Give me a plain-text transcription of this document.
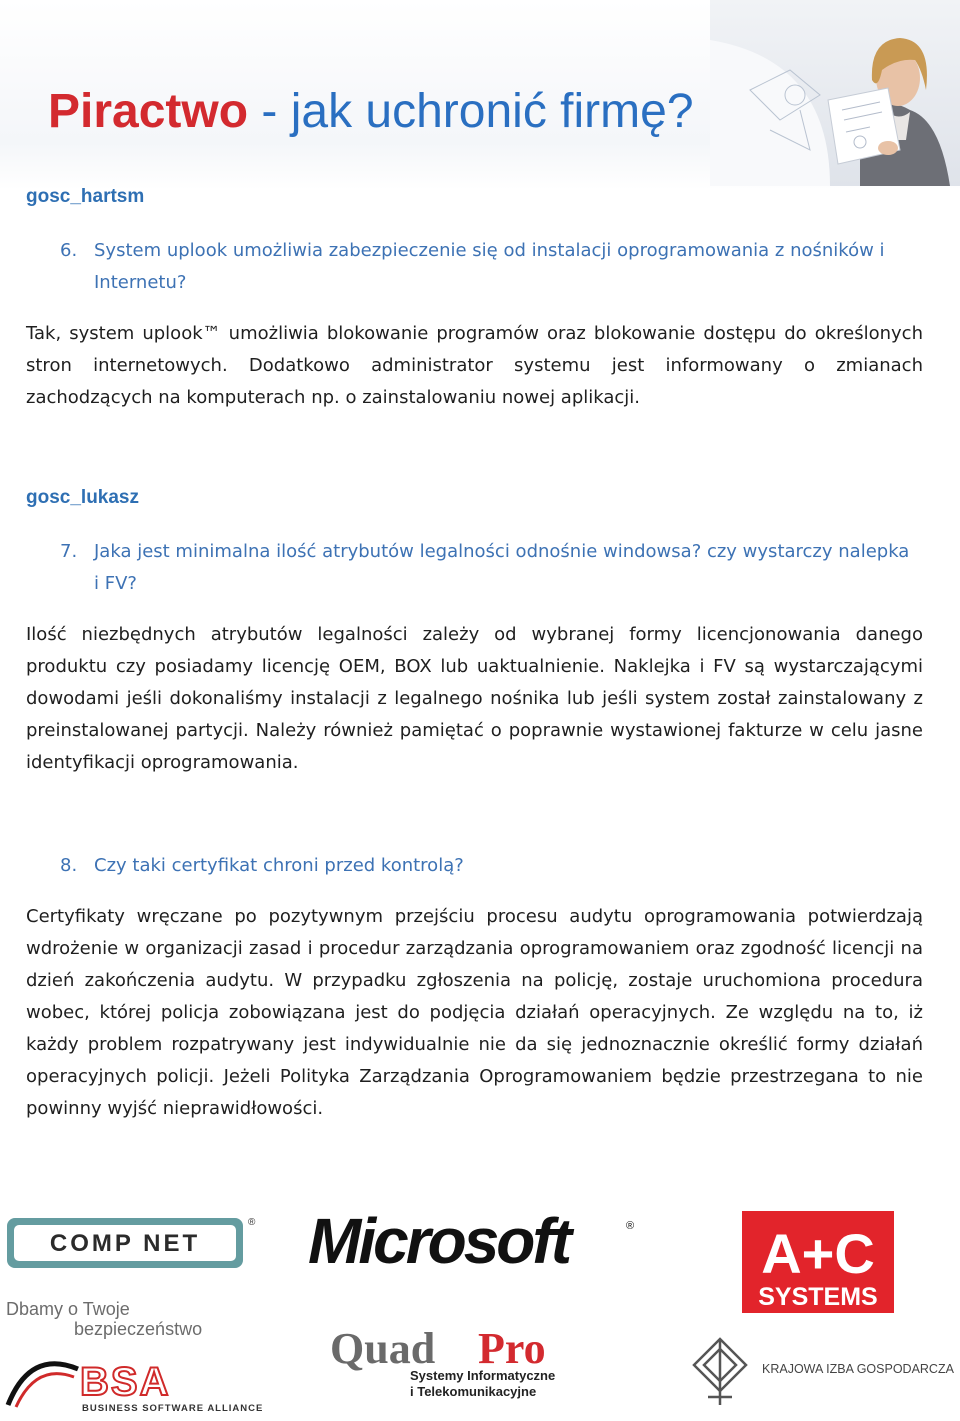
Piractwo - jak uchronić firmę?
gosc_hartsm
6. System uplook umożliwia zabezpieczenie się od instalacji oprogramowania z nośników i Internetu?

Tak, system uplook™ umożliwia blokowanie programów oraz blokowanie dostępu do określonych stron internetowych. Dodatkowo administrator systemu jest informowany o zmianach zachodzących na komputerach np. o zainstalowaniu nowej aplikacji.

gosc_lukasz
7. Jaka jest minimalna ilość atrybutów legalności odnośnie windowsa? czy wystarczy nalepka i FV?

Ilość niezbędnych atrybutów legalności zależy od wybranej formy licencjonowania danego produktu czy posiadamy licencję OEM, BOX lub uaktualnienie. Naklejka i FV są wystarczającymi dowodami jeśli dokonaliśmy instalacji z legalnego nośnika lub jeśli system został zainstalowany z preinstalowanej partycji. Należy również pamiętać o poprawnie wystawionej fakturze w celu jasne identyfikacji oprogramowania.

8. Czy taki certyfikat chroni przed kontrolą?

Certyfikaty wręczane po pozytywnym przejściu procesu audytu oprogramowania potwierdzają wdrożenie w organizacji zasad i procedur zarządzania oprogramowaniem oraz zgodność licencji na dzień zakończenia audytu. W przypadku zgłoszenia na policję, zostaje uruchomiona procedura wobec, której policja zobowiązana jest do podjęcia działań operacyjnych. Ze względu na to, iż każdy problem rozpatrywany jest indywidualnie nie da się jednoznacznie określić formy działań operacyjnych policji. Jeżeli Polityka Zarządzania Oprogramowaniem będzie przestrzegana to nie powinny wyjść nieprawidłowości.

COMP NET
®
Dbamy o Twoje
bezpieczeństwo
BSA
BUSINESS SOFTWARE ALLIANCE
Microsoft	®
Quad Pro
Systemy Informatyczne
i Telekomunikacyjne
A+C
SYSTEMS
KRAJOWA IZBA GOSPODARCZA
